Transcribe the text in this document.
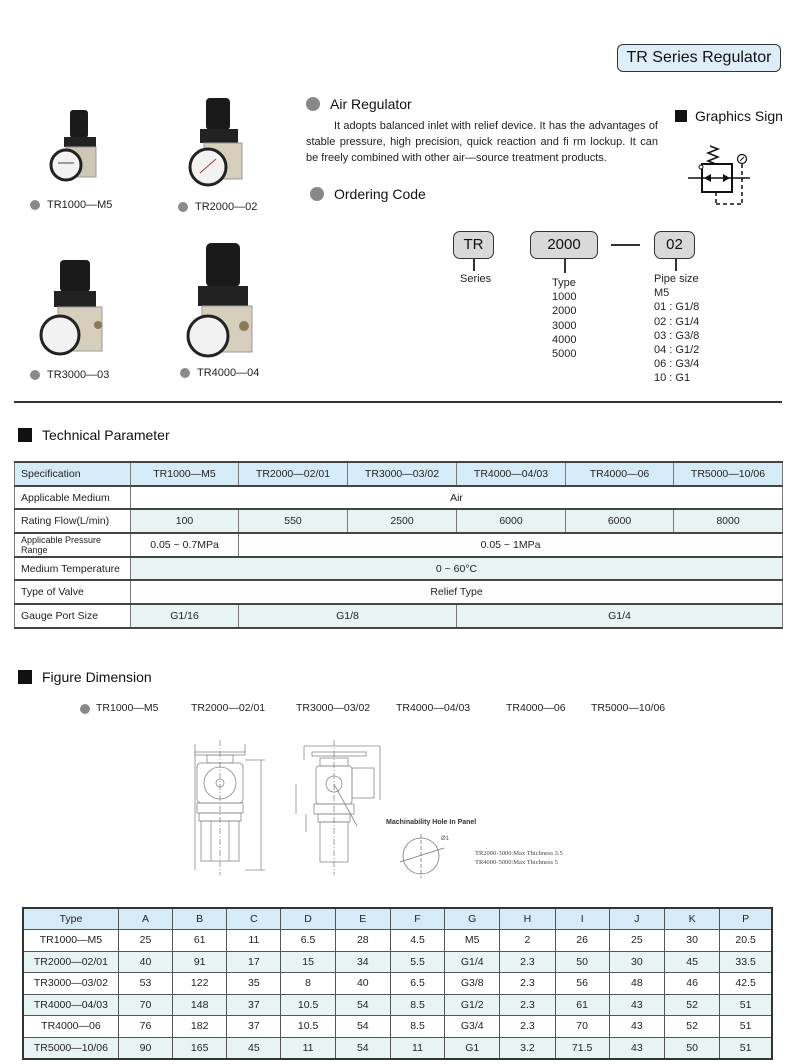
TR Series Regulator
TR1000—M5	TR2000—02
TR3000—03	TR4000—04
Air Regulator
It adopts balanced inlet with relief device. It has the advantages of stable pressure, high precision, quick reaction and fi rm lockup. It can be freely combined with other air—source treatment products.
Ordering Code
Graphics Sign
TR
Series
2000
Type
1000
2000
3000
4000
5000
02
Pipe size
M5
01 : G1/8
02 : G1/4
03 : G3/8
04 : G1/2
06 : G3/4
10 : G1
Technical Parameter
Specification	TR1000—M5	TR2000—02/01	TR3000—03/02	TR4000—04/03	TR4000—06	TR5000—10/06
Applicable Medium	Air					
Rating Flow(L/min)	100	550	2500	6000	6000	8000
Applicable Pressure Range	0.05 ~ 0.7MPa	0.05 ~ 1MPa				
Medium Temperature	0 ~ 60°C					
Type of Valve	Relief Type					
Gauge Port Size	G1/16	G1/8		G1/4		
Figure Dimension
TR1000—M5	TR2000—02/01	TR3000—03/02	TR4000—04/03	TR4000—06	TR5000—10/06
Machinability Hole In Panel
Ø1
TR2000-3000:Max Thichness 3.5
TR4000-5000:Max Thichness 5
Type	A	B	C	D	E	F	G	H	I	J	K	P
TR1000—M5	25	61	11	6.5	28	4.5	M5	2	26	25	30	20.5
TR2000—02/01	40	91	17	15	34	5.5	G1/4	2.3	50	30	45	33.5
TR3000—03/02	53	122	35	8	40	6.5	G3/8	2.3	56	48	46	42.5
TR4000—04/03	70	148	37	10.5	54	8.5	G1/2	2.3	61	43	52	51
TR4000—06	76	182	37	10.5	54	8.5	G3/4	2.3	70	43	52	51
TR5000—10/06	90	165	45	11	54	11	G1	3.2	71.5	43	50	51
